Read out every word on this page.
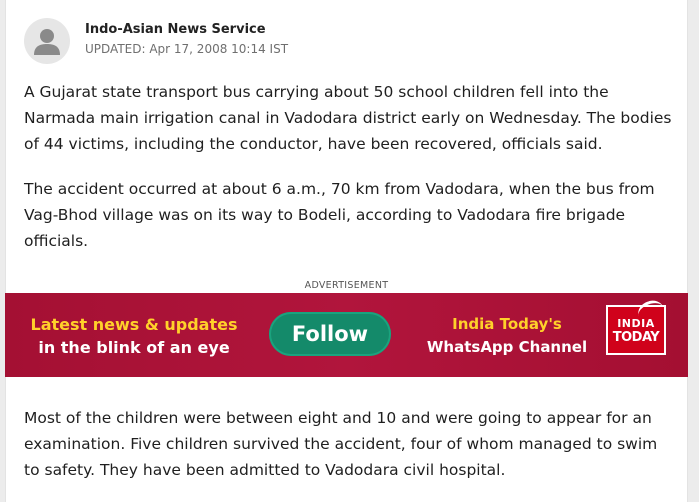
Indo-Asian News Service
UPDATED: Apr 17, 2008 10:14 IST

A Gujarat state transport bus carrying about 50 school children fell into the Narmada main irrigation canal in Vadodara district early on Wednesday. The bodies of 44 victims, including the conductor, have been recovered, officials said.

The accident occurred at about 6 a.m., 70 km from Vadodara, when the bus from Vag-Bhod village was on its way to Bodeli, according to Vadodara fire brigade officials.

ADVERTISEMENT
Latest news & updates
in the blink of an eye
Follow	India Today's
WhatsApp Channel
INDIA
TODAY

Most of the children were between eight and 10 and were going to appear for an examination. Five children survived the accident, four of whom managed to swim to safety. They have been admitted to Vadodara civil hospital.
